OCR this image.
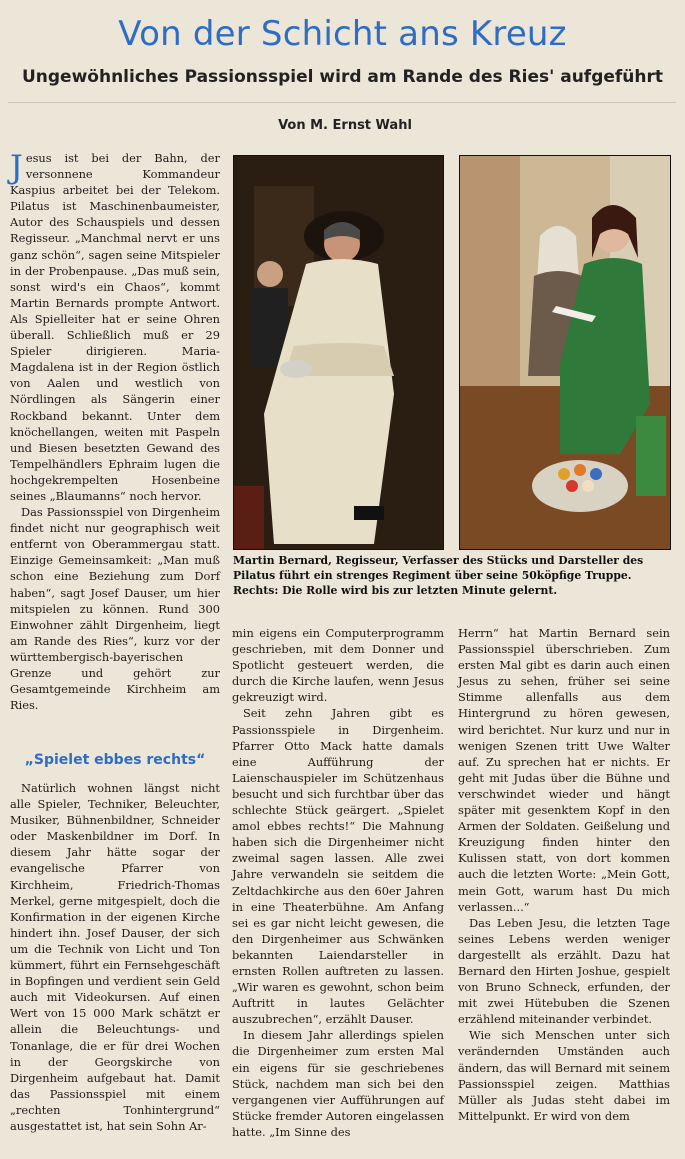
Von der Schicht ans Kreuz
Ungewöhnliches Passionsspiel wird am Rande des Ries' aufgeführt
Von M. Ernst Wahl

Jesus ist bei der Bahn, der versonnene Kommandeur Kaspius arbeitet bei der Telekom. Pilatus ist Maschinenbaumeister, Autor des Schauspiels und dessen Regisseur. „Manchmal nervt er uns ganz schön“, sagen seine Mitspieler in der Probenpause. „Das muß sein, sonst wird's ein Chaos“, kommt Martin Bernards prompte Antwort. Als Spielleiter hat er seine Ohren überall. Schließlich muß er 29 Spieler dirigieren. Maria-Magdalena ist in der Region östlich von Aalen und westlich von Nördlingen als Sängerin einer Rockband bekannt. Unter dem knöchellangen, weiten mit Paspeln und Biesen besetzten Gewand des Tempelhändlers Ephraim lugen die hochgekrempelten Hosenbeine seines „Blaumanns“ noch hervor.

Das Passionsspiel von Dirgenheim findet nicht nur geographisch weit entfernt von Oberammergau statt. Einzige Gemeinsamkeit: „Man muß schon eine Beziehung zum Dorf haben“, sagt Josef Dauser, um hier mitspielen zu können. Rund 300 Einwohner zählt Dirgenheim, liegt am Rande des Ries“, kurz vor der württembergisch-bayerischen Grenze und gehört zur Gesamtgemeinde Kirchheim am Ries.

„Spielet ebbes rechts“

Natürlich wohnen längst nicht alle Spieler, Techniker, Beleuchter, Musiker, Bühnenbildner, Schneider oder Maskenbildner im Dorf. In diesem Jahr hätte sogar der evangelische Pfarrer von Kirchheim, Friedrich-Thomas Merkel, gerne mitgespielt, doch die Konfirmation in der eigenen Kirche hindert ihn. Josef Dauser, der sich um die Technik von Licht und Ton kümmert, führt ein Fernsehgeschäft in Bopfingen und verdient sein Geld auch mit Videokursen. Auf einen Wert von 15 000 Mark schätzt er allein die Beleuchtungs- und Tonanlage, die er für drei Wochen in der Georgskirche von Dirgenheim aufgebaut hat. Damit das Passionsspiel mit einem „rechten Tonhintergrund“ ausgestattet ist, hat sein Sohn Ar-

Martin Bernard, Regisseur, Verfasser des Stücks und Darsteller des Pilatus führt ein strenges Regiment über seine 50köpfige Truppe. Rechts: Die Rolle wird bis zur letzten Minute gelernt.

min eigens ein Computerprogramm geschrieben, mit dem Donner und Spotlicht gesteuert werden, die durch die Kirche laufen, wenn Jesus gekreuzigt wird.

Seit zehn Jahren gibt es Passionsspiele in Dirgenheim. Pfarrer Otto Mack hatte damals eine Aufführung der Laienschauspieler im Schützenhaus besucht und sich furchtbar über das schlechte Stück geärgert. „Spielet amol ebbes rechts!“ Die Mahnung haben sich die Dirgenheimer nicht zweimal sagen lassen. Alle zwei Jahre verwandeln sie seitdem die Zeltdachkirche aus den 60er Jahren in eine Theaterbühne. Am Anfang sei es gar nicht leicht gewesen, die den Dirgenheimer aus Schwänken bekannten Laiendarsteller in ernsten Rollen auftreten zu lassen. „Wir waren es gewohnt, schon beim Auftritt in lautes Gelächter auszubrechen“, erzählt Dauser.

In diesem Jahr allerdings spielen die Dirgenheimer zum ersten Mal ein eigens für sie geschriebenes Stück, nachdem man sich bei den vergangenen vier Aufführungen auf Stücke fremder Autoren eingelassen hatte. „Im Sinne des

Herrn“ hat Martin Bernard sein Passionsspiel überschrieben. Zum ersten Mal gibt es darin auch einen Jesus zu sehen, früher sei seine Stimme allenfalls aus dem Hintergrund zu hören gewesen, wird berichtet. Nur kurz und nur in wenigen Szenen tritt Uwe Walter auf. Zu sprechen hat er nichts. Er geht mit Judas über die Bühne und verschwindet wieder und hängt später mit gesenktem Kopf in den Armen der Soldaten. Geißelung und Kreuzigung finden hinter den Kulissen statt, von dort kommen auch die letzten Worte: „Mein Gott, mein Gott, warum hast Du mich verlassen...“

Das Leben Jesu, die letzten Tage seines Lebens werden weniger dargestellt als erzählt. Dazu hat Bernard den Hirten Joshue, gespielt von Bruno Schneck, erfunden, der mit zwei Hütebuben die Szenen erzählend miteinander verbindet.

Wie sich Menschen unter sich verändernden Umständen auch ändern, das will Bernard mit seinem Passionsspiel zeigen. Matthias Müller als Judas steht dabei im Mittelpunkt. Er wird von dem
